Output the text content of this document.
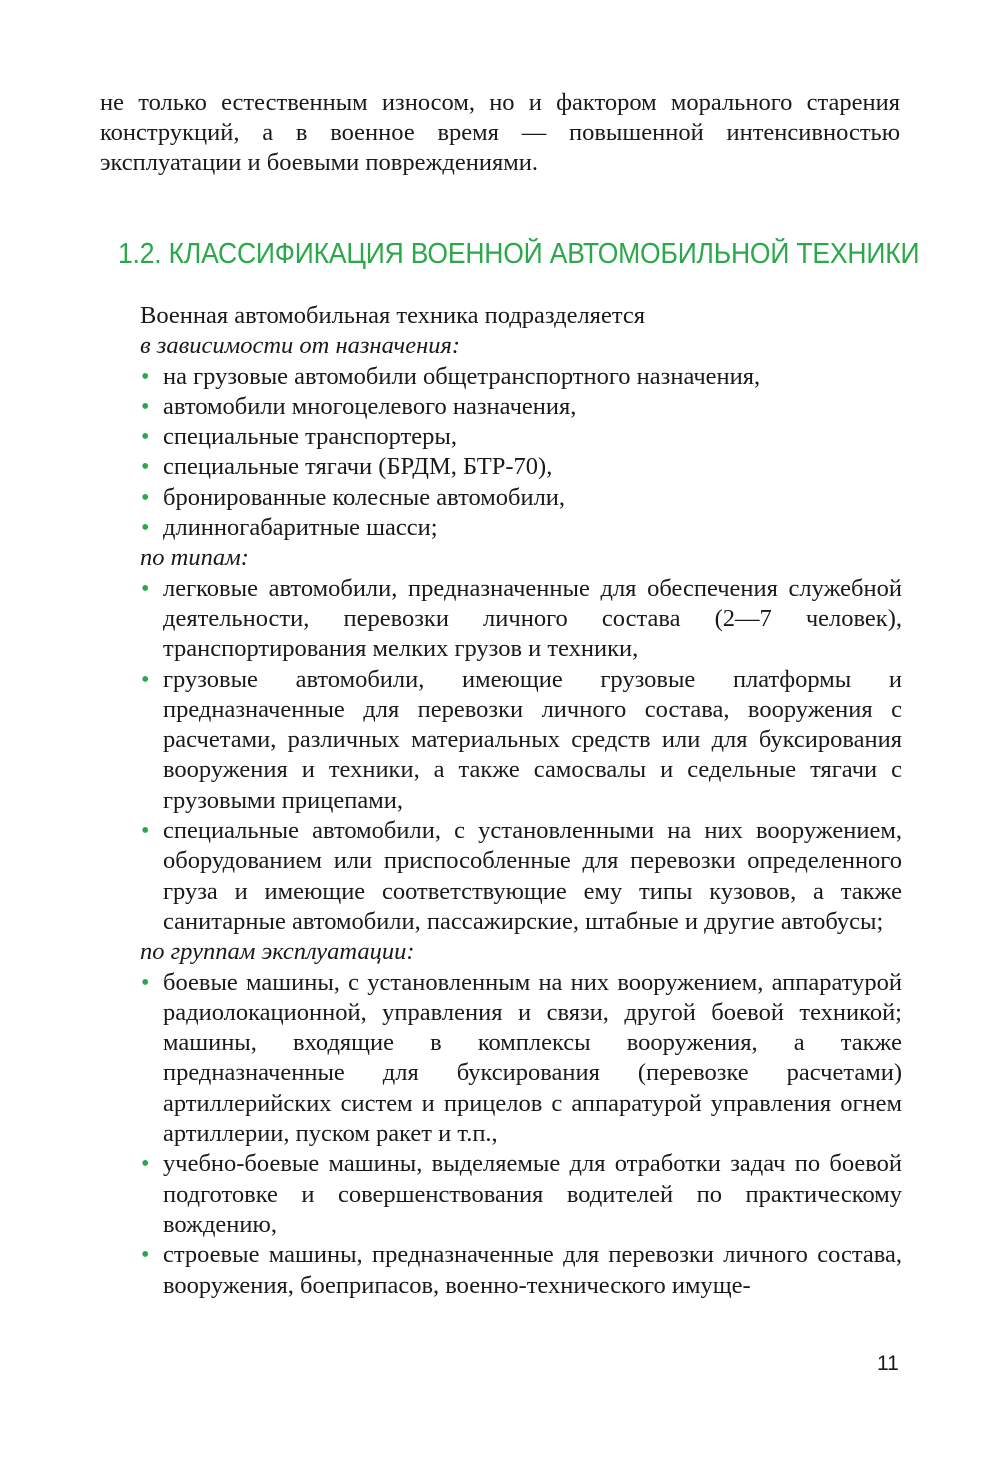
не только естественным износом, но и фактором морального старения конструкций, а в военное время — повышенной интенсивностью эксплуатации и боевыми повреждениями.

1.2. КЛАССИФИКАЦИЯ ВОЕННОЙ АВТОМОБИЛЬНОЙ ТЕХНИКИ

Военная автомобильная техника подразделяется

в зависимости от назначения:

• на грузовые автомобили общетранспортного назначения,
• автомобили многоцелевого назначения,
• специальные транспортеры,
• специальные тягачи (БРДМ, БТР-70),
• бронированные колесные автомобили,
• длинногабаритные шасси;

по типам:

• легковые автомобили, предназначенные для обеспечения служебной деятельности, перевозки личного состава (2—7 человек), транспортирования мелких грузов и техники,
• грузовые автомобили, имеющие грузовые платформы и предназначенные для перевозки личного состава, вооружения с расчетами, различных материальных средств или для буксирования вооружения и техники, а также самосвалы и седельные тягачи с грузовыми прицепами,
• специальные автомобили, с установленными на них вооружением, оборудованием или приспособленные для перевозки определенного груза и имеющие соответствующие ему типы кузовов, а также санитарные автомобили, пассажирские, штабные и другие автобусы;

по группам эксплуатации:

• боевые машины, с установленным на них вооружением, аппаратурой радиолокационной, управления и связи, другой боевой техникой; машины, входящие в комплексы вооружения, а также предназначенные для буксирования (перевозке расчетами) артиллерийских систем и прицелов с аппаратурой управления огнем артиллерии, пуском ракет и т.п.,
• учебно-боевые машины, выделяемые для отработки задач по боевой подготовке и совершенствования водителей по практическому вождению,
• строевые машины, предназначенные для перевозки личного состава, вооружения, боеприпасов, военно-технического имуще-
11
